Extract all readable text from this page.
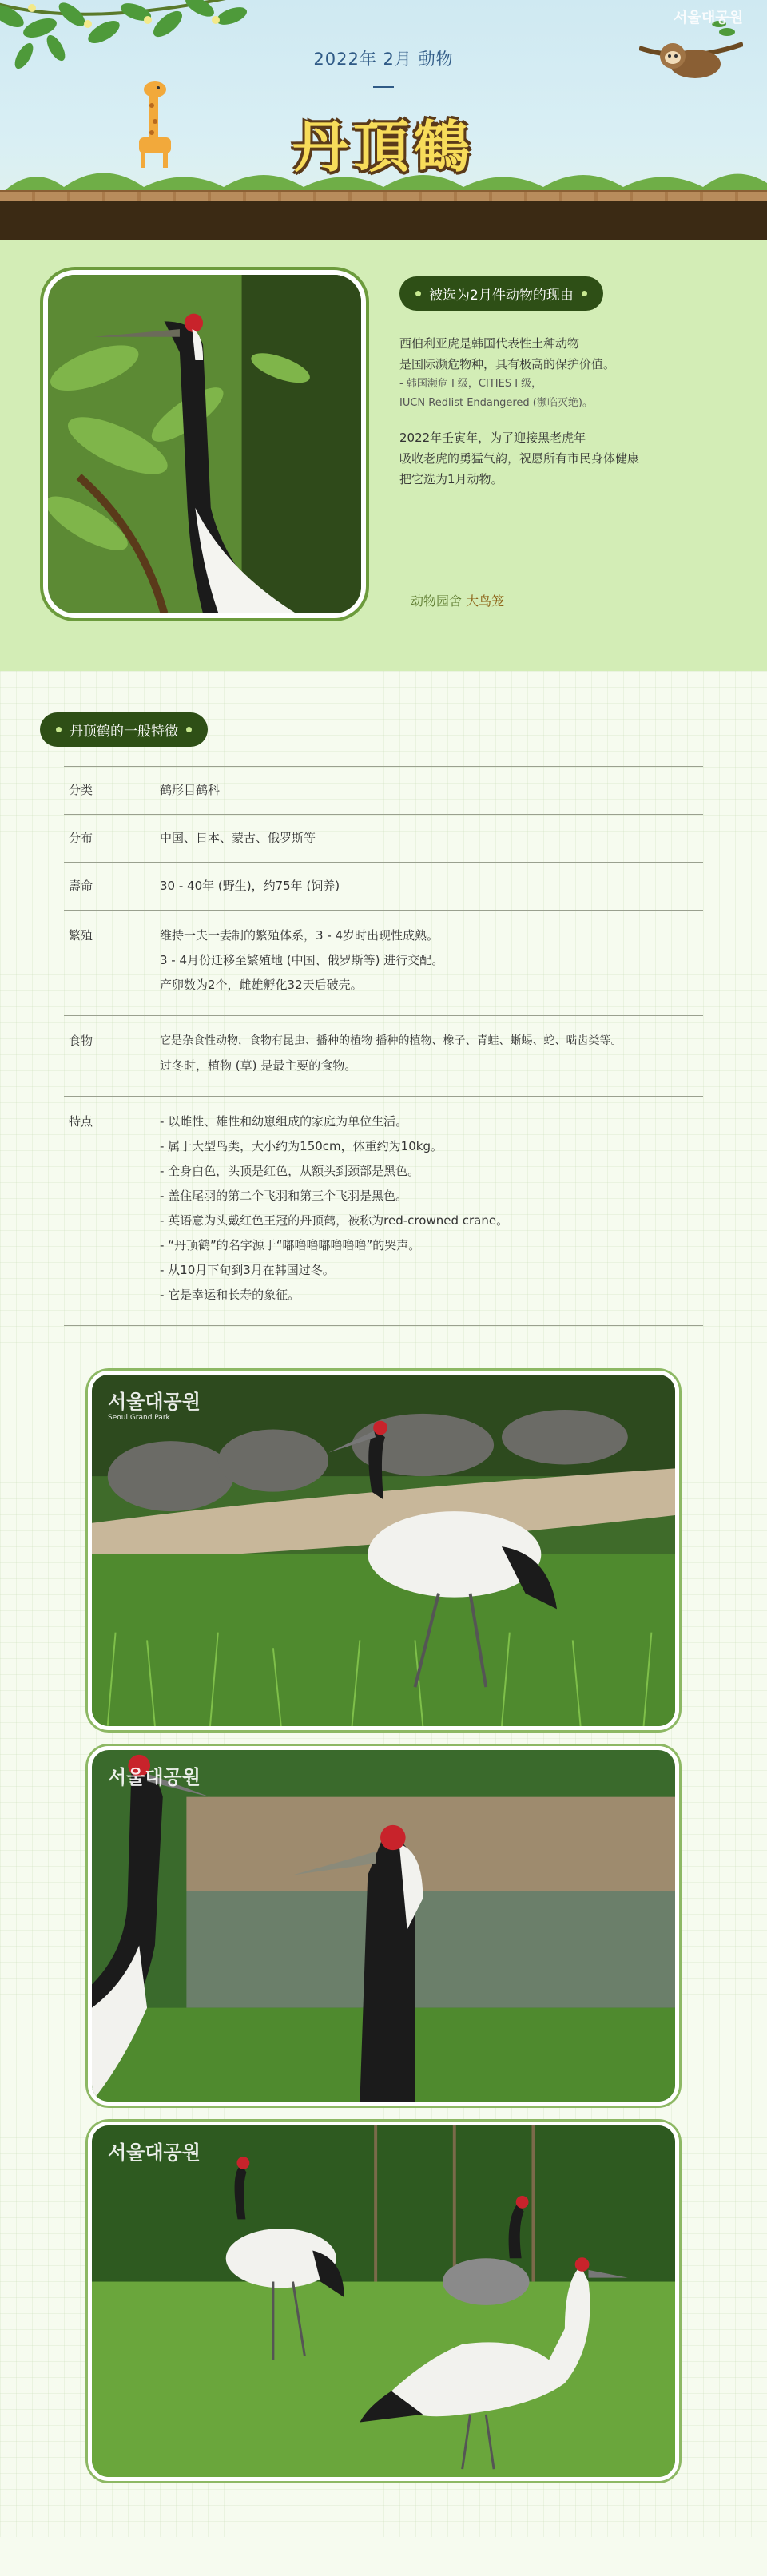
서울대공원
2022年 2月 動物
丹頂鶴
被选为2月件动物的现由
西伯利亚虎是韩国代表性土种动物
是国际濒危物种，具有极高的保护价值。
- 韩国濒危 I 级，CITIES I 级，
IUCN Redlist Endangered (濒临灭绝)。
2022年壬寅年，为了迎接黑老虎年
吸收老虎的勇猛气韵，祝愿所有市民身体健康
把它选为1月动物。
动物园舍 大鸟笼
丹顶鹤的一般特徵
分类	鹤形目鹤科
分布	中国、日本、蒙古、俄罗斯等
壽命	30 - 40年 (野生)，约75年 (饲养)
繁殖	维持一夫一妻制的繁殖体系，3 - 4岁时出现性成熟。
3 - 4月份迁移至繁殖地 (中国、俄罗斯等) 进行交配。
产卵数为2个，雌雄孵化32天后破壳。
食物	它是杂食性动物，食物有昆虫、播种的植物 播种的植物、橡子、青蛙、蜥蜴、蛇、啮齿类等。
过冬时，植物 (草) 是最主要的食物。
特点	- 以雌性、雄性和幼崽组成的家庭为单位生活。
- 属于大型鸟类，大小约为150cm，体重约为10kg。
- 全身白色，头顶是红色，从额头到颈部是黑色。
- 盖住尾羽的第二个飞羽和第三个飞羽是黑色。
- 英语意为头戴红色王冠的丹顶鹤，被称为red-crowned crane。
- “丹顶鹤”的名字源于“嘟噜噜嘟噜噜噜”的哭声。
- 从10月下旬到3月在韩国过冬。
- 它是幸运和长寿的象征。
서울대공원
Seoul Grand Park
서울대공원
서울대공원
